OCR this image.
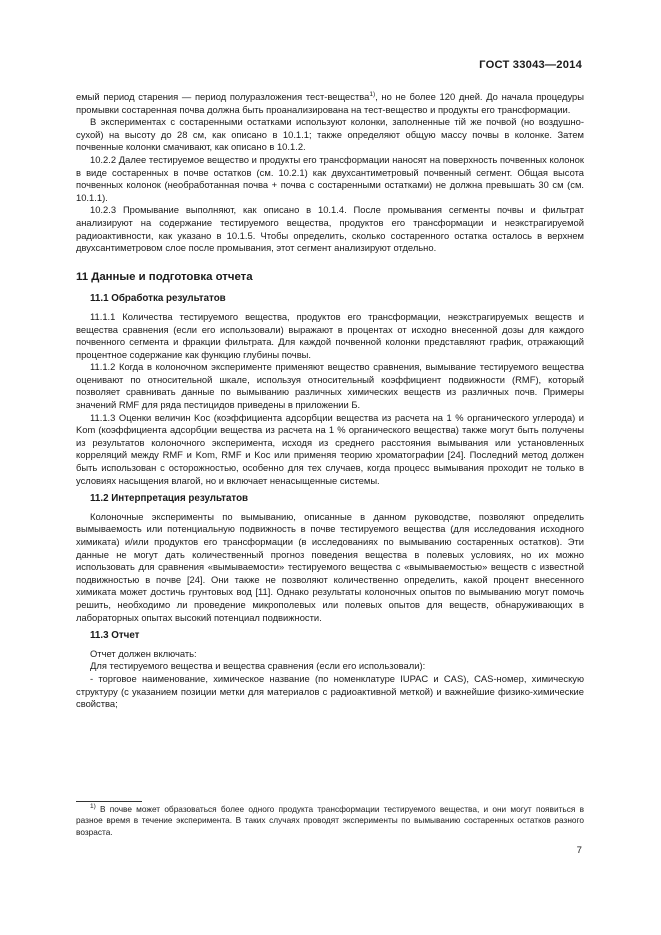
ГОСТ 33043—2014

емый период старения — период полуразложения тест-вещества$^{1)}$, но не более 120 дней. До начала процедуры промывки состаренная почва должна быть проанализирована на тест-вещество и продукты его трансформации.

В экспериментах с состаренными остатками используют колонки, заполненные тій же почвой (но воздушно-сухой) на высоту до 28 см, как описано в 10.1.1; также определяют общую массу почвы в колонке. Затем почвенные колонки смачивают, как описано в 10.1.2.

10.2.2 Далее тестируемое вещество и продукты его трансформации наносят на поверхность почвенных колонок в виде состаренных в почве остатков (см. 10.2.1) как двухсантиметровый почвенный сегмент. Общая высота почвенных колонок (необработанная почва + почва с состаренными остатками) не должна превышать 30 см (см. 10.1.1).

10.2.3 Промывание выполняют, как описано в 10.1.4. После промывания сегменты почвы и фильтрат анализируют на содержание тестируемого вещества, продуктов его трансформации и неэкстрагируемой радиоактивности, как указано в 10.1.5. Чтобы определить, сколько состаренного остатка осталось в верхнем двухсантиметровом слое после промывания, этот сегмент анализируют отдельно.

11 Данные и подготовка отчета

11.1 Обработка результатов

11.1.1 Количества тестируемого вещества, продуктов его трансформации, неэкстрагируемых веществ и вещества сравнения (если его использовали) выражают в процентах от исходно внесенной дозы для каждого почвенного сегмента и фракции фильтрата. Для каждой почвенной колонки представляют график, отражающий процентное содержание как функцию глубины почвы.

11.1.2 Когда в колоночном эксперименте применяют вещество сравнения, вымывание тестируемого вещества оценивают по относительной шкале, используя относительный коэффициент подвижности (RMF), который позволяет сравнивать данные по вымыванию различных химических веществ из различных почв. Примеры значений RMF для ряда пестицидов приведены в приложении Б.

11.1.3 Оценки величин Koc (коэффициента адсорбции вещества из расчета на 1 % органического углерода) и Kom (коэффициента адсорбции вещества из расчета на 1 % органического вещества) также могут быть получены из результатов колоночного эксперимента, исходя из среднего расстояния вымывания или установленных корреляций между RMF и Kom, RMF и Koc или применяя теорию хроматографии [24]. Последний метод должен быть использован с осторожностью, особенно для тех случаев, когда процесс вымывания проходит не только в условиях насыщения влагой, но и включает ненасыщенные системы.

11.2 Интерпретация результатов

Колоночные эксперименты по вымыванию, описанные в данном руководстве, позволяют определить вымываемость или потенциальную подвижность в почве тестируемого вещества (для исследования исходного химиката) и/или продуктов его трансформации (в исследованиях по вымыванию состаренных остатков). Эти данные не могут дать количественный прогноз поведения вещества в полевых условиях, но их можно использовать для сравнения «вымываемости» тестируемого вещества с «вымываемостью» веществ с известной подвижностью в почве [24]. Они также не позволяют количественно определить, какой процент внесенного химиката может достичь грунтовых вод [11]. Однако результаты колоночных опытов по вымыванию могут помочь решить, необходимо ли проведение микрополевых или полевых опытов для веществ, обнаруживающих в лабораторных опытах высокий потенциал подвижности.

11.3 Отчет

Отчет должен включать:

Для тестируемого вещества и вещества сравнения (если его использовали):

- торговое наименование, химическое название (по номенклатуре IUPAC и CAS), CAS-номер, химическую структуру (с указанием позиции метки для материалов с радиоактивной меткой) и важнейшие физико-химические свойства;

$^{1)}$ В почве может образоваться более одного продукта трансформации тестируемого вещества, и они могут появиться в разное время в течение эксперимента. В таких случаях проводят эксперименты по вымыванию состаренных остатков разного возраста.

7
